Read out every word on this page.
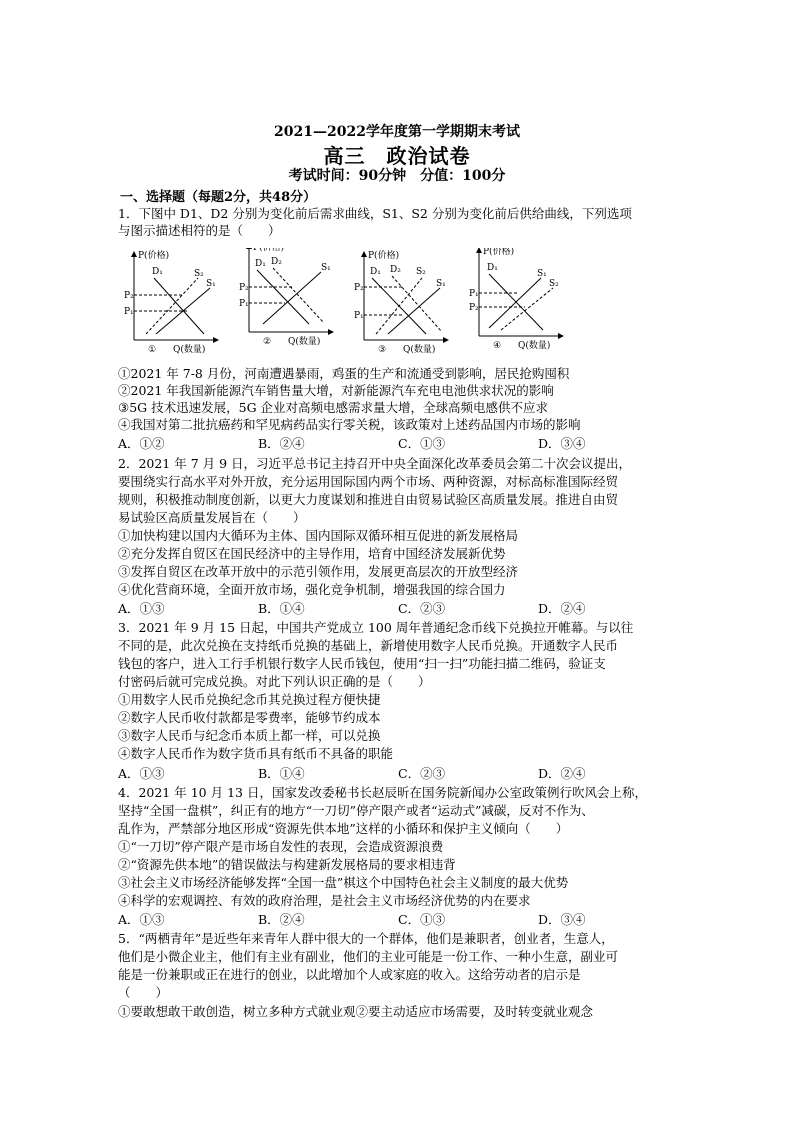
2021—2022学年度第一学期期末考试
高三　政治试卷
考试时间：90分钟　分值：100分
一、选择题（每题2分，共48分）
1．下图中 D1、D2 分别为变化前后需求曲线，S1、S2 分别为变化前后供给曲线，下列选项
与图示描述相符的是（　　）
P(价格)
Q(数量)
①
D₁	S₂
S₁
P₂
P₁
P(价格)
Q(数量)
②
D₁ D₂
S₁
P₂
P₁
P(价格)
Q(数量)
③
D₁ D₂ S₂
S₁
P₂
P₁
P(价格)
Q(数量)
④
D₁
S₁
S₂
P₁
P₂
①2021 年 7-8 月份，河南遭遇暴雨，鸡蛋的生产和流通受到影响，居民抢购囤积
②2021 年我国新能源汽车销售量大增，对新能源汽车充电电池供求状况的影响
③5G 技术迅速发展，5G 企业对高频电感需求量大增，全球高频电感供不应求
④我国对第二批抗癌药和罕见病药品实行零关税，该政策对上述药品国内市场的影响
A．①②	B．②④	C．①③	D．③④
2．2021 年 7 月 9 日，习近平总书记主持召开中央全面深化改革委员会第二十次会议提出，
要围绕实行高水平对外开放，充分运用国际国内两个市场、两种资源，对标高标准国际经贸
规则，积极推动制度创新，以更大力度谋划和推进自由贸易试验区高质量发展。推进自由贸
易试验区高质量发展旨在（　　）
①加快构建以国内大循环为主体、国内国际双循环相互促进的新发展格局
②充分发挥自贸区在国民经济中的主导作用，培育中国经济发展新优势
③发挥自贸区在改革开放中的示范引领作用，发展更高层次的开放型经济
④优化营商环境，全面开放市场，强化竞争机制，增强我国的综合国力
A．①③	B．①④	C．②③	D．②④
3．2021 年 9 月 15 日起，中国共产党成立 100 周年普通纪念币线下兑换拉开帷幕。与以往
不同的是，此次兑换在支持纸币兑换的基础上，新增使用数字人民币兑换。开通数字人民币
钱包的客户，进入工行手机银行数字人民币钱包，使用“扫一扫”功能扫描二维码，验证支
付密码后就可完成兑换。对此下列认识正确的是（　　）
①用数字人民币兑换纪念币其兑换过程方便快捷
②数字人民币收付款都是零费率，能够节约成本
③数字人民币与纪念币本质上都一样，可以兑换
④数字人民币作为数字货币具有纸币不具备的职能
A．①③	B．①④	C．②③	D．②④
4．2021 年 10 月 13 日，国家发改委秘书长赵辰昕在国务院新闻办公室政策例行吹风会上称，
坚持“全国一盘棋”，纠正有的地方“一刀切”停产限产或者“运动式”减碳，反对不作为、
乱作为，严禁部分地区形成“资源先供本地”这样的小循环和保护主义倾向（　　）
①“一刀切”停产限产是市场自发性的表现，会造成资源浪费
②“资源先供本地”的错误做法与构建新发展格局的要求相违背
③社会主义市场经济能够发挥“全国一盘”棋这个中国特色社会主义制度的最大优势
④科学的宏观调控、有效的政府治理，是社会主义市场经济优势的内在要求
A．①③	B．②④	C．①③	D．③④
5．“两栖青年”是近些年来青年人群中很大的一个群体，他们是兼职者，创业者，生意人，
他们是小微企业主，他们有主业有副业，他们的主业可能是一份工作、一种小生意，副业可
能是一份兼职或正在进行的创业，以此增加个人或家庭的收入。这给劳动者的启示是
（　　）
①要敢想敢干敢创造，树立多种方式就业观②要主动适应市场需要，及时转变就业观念
